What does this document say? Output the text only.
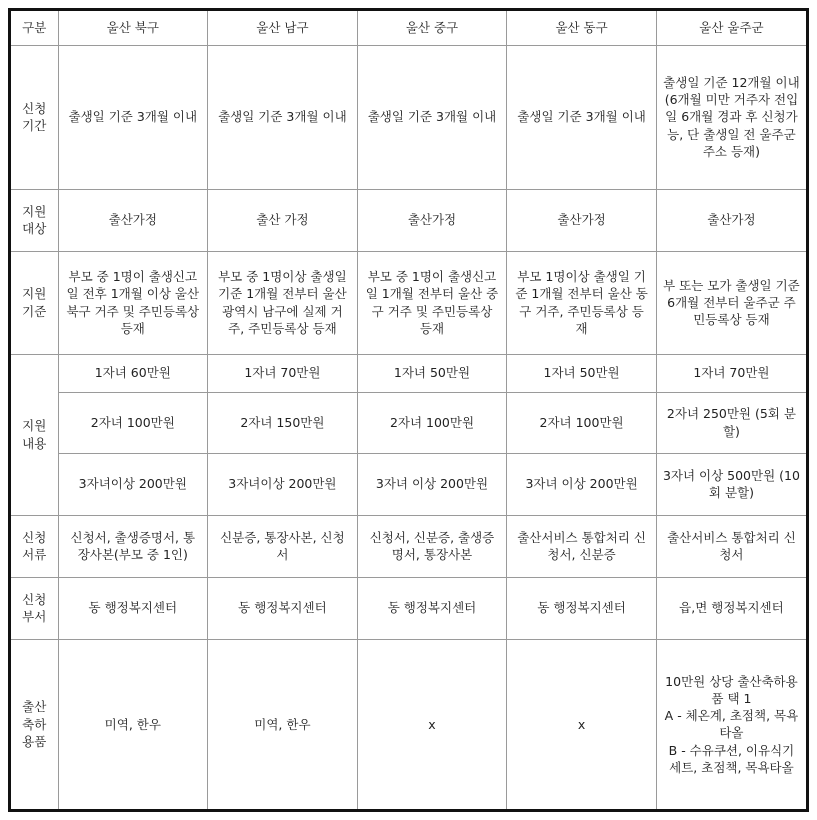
구분	울산 북구	울산 남구	울산 중구	울산 동구	울산 울주군
신청
기간	출생일 기준 3개월 이내	출생일 기준 3개월 이내	출생일 기준 3개월 이내	출생일 기준 3개월 이내	출생일 기준 12개월 이내
(6개월 미만 거주자 전입일 6개월 경과 후 신청가능, 단 출생일 전 울주군 주소 등재)
지원
대상	출산가정	출산 가정	출산가정	출산가정	출산가정
지원
기준	부모 중 1명이 출생신고일 전후 1개월 이상 울산 북구 거주 및 주민등록상 등재	부모 중 1명이상 출생일 기준 1개월 전부터 울산광역시 남구에 실제 거주, 주민등록상 등재	부모 중 1명이 출생신고일 1개월 전부터 울산 중구 거주 및 주민등록상 등재	부모 1명이상 출생일 기준 1개월 전부터 울산 동구 거주, 주민등록상 등재	부 또는 모가 출생일 기준 6개월 전부터 울주군 주민등록상 등재
지원
내용	1자녀 60만원	1자녀 70만원	1자녀 50만원	1자녀 50만원	1자녀 70만원
	2자녀 100만원	2자녀 150만원	2자녀 100만원	2자녀 100만원	2자녀 250만원 (5회 분할)
	3자녀이상 200만원	3자녀이상 200만원	3자녀 이상 200만원	3자녀 이상 200만원	3자녀 이상 500만원 (10회 분할)
신청
서류	신청서, 출생증명서, 통장사본(부모 중 1인)	신분증, 통장사본, 신청서	신청서, 신분증, 출생증명서, 통장사본	출산서비스 통합처리 신청서, 신분증	출산서비스 통합처리 신청서
신청
부서	동 행정복지센터	동 행정복지센터	동 행정복지센터	동 행정복지센터	읍,면 행정복지센터
출산
축하
용품	미역, 한우	미역, 한우	x	x	10만원 상당 출산축하용품 택 1
A - 체온계, 초점책, 목욕타올
B - 수유쿠션, 이유식기세트, 초점책, 목욕타올
